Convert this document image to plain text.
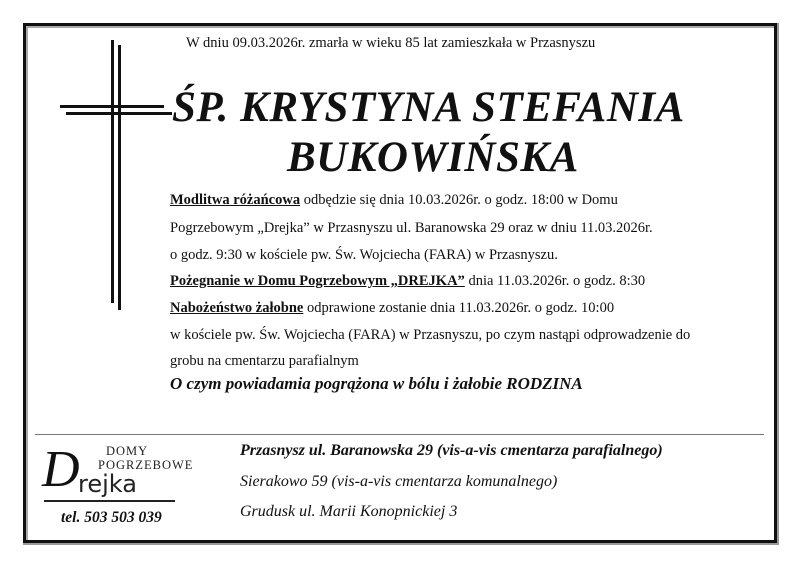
W dniu 09.03.2026r. zmarła w wieku 85 lat zamieszkała w Przasnyszu
ŚP. KRYSTYNA STEFANIA
BUKOWIŃSKA
Modlitwa różańcowa odbędzie się dnia 10.03.2026r. o godz. 18:00 w Domu
Pogrzebowym „Drejka” w Przasnyszu ul. Baranowska 29 oraz w dniu 11.03.2026r.
o godz. 9:30 w kościele pw. Św. Wojciecha (FARA) w Przasnyszu.
Pożegnanie w Domu Pogrzebowym „DREJKA” dnia 11.03.2026r. o godz. 8:30
Nabożeństwo żałobne odprawione zostanie dnia 11.03.2026r. o godz. 10:00
w kościele pw. Św. Wojciecha (FARA) w Przasnyszu, po czym nastąpi odprowadzenie do
grobu na cmentarzu parafialnym
O czym powiadamia pogrążona w bólu i żałobie RODZINA
DOMY
POGRZEBOWE
D
rejka
tel. 503 503 039
Przasnysz ul. Baranowska 29 (vis-a-vis cmentarza parafialnego)
Sierakowo 59 (vis-a-vis cmentarza komunalnego)
Grudusk ul. Marii Konopnickiej 3
